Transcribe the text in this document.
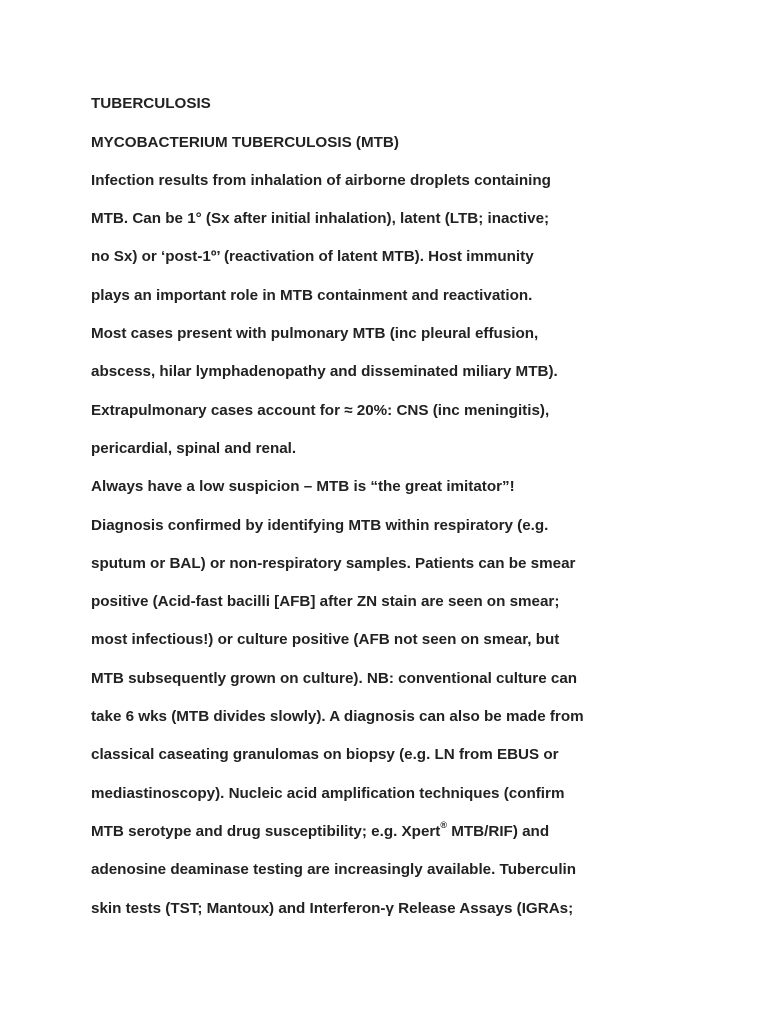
TUBERCULOSIS
MYCOBACTERIUM TUBERCULOSIS (MTB)
Infection results from inhalation of airborne droplets containing
MTB. Can be 1° (Sx after initial inhalation), latent (LTB; inactive;
no Sx) or ‘post-1º’ (reactivation of latent MTB). Host immunity
plays an important role in MTB containment and reactivation.
Most cases present with pulmonary MTB (inc pleural effusion,
abscess, hilar lymphadenopathy and disseminated miliary MTB).
Extrapulmonary cases account for ≈ 20%: CNS (inc meningitis),
pericardial, spinal and renal.
Always have a low suspicion – MTB is “the great imitator”!
Diagnosis confirmed by identifying MTB within respiratory (e.g.
sputum or BAL) or non-respiratory samples. Patients can be smear
positive (Acid-fast bacilli [AFB] after ZN stain are seen on smear;
most infectious!) or culture positive (AFB not seen on smear, but
MTB subsequently grown on culture). NB: conventional culture can
take 6 wks (MTB divides slowly). A diagnosis can also be made from
classical caseating granulomas on biopsy (e.g. LN from EBUS or
mediastinoscopy). Nucleic acid amplification techniques (confirm
MTB serotype and drug susceptibility; e.g. Xpert® MTB/RIF) and
adenosine deaminase testing are increasingly available. Tuberculin
skin tests (TST; Mantoux) and Interferon-γ Release Assays (IGRAs;
